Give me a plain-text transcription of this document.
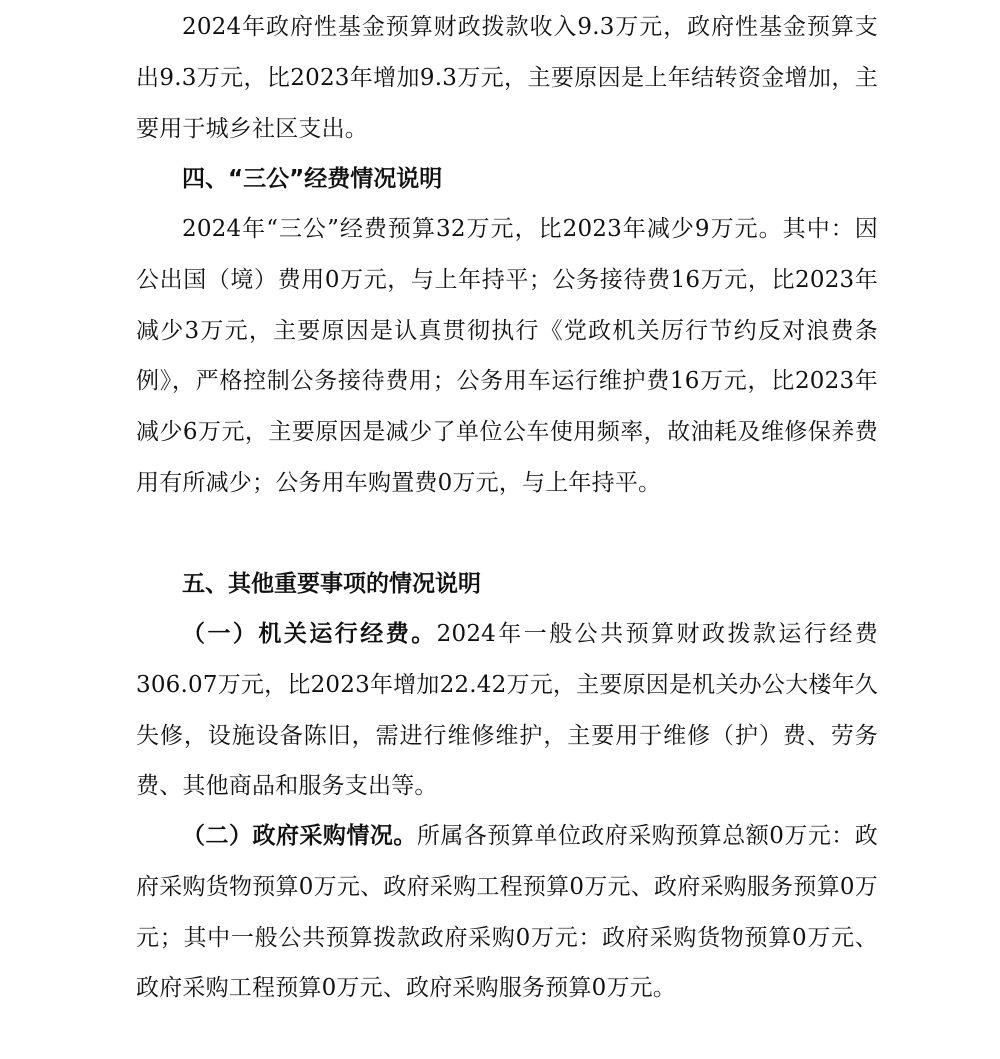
2024年政府性基金预算财政拨款收入9.3万元，政府性基金预算支出9.3万元，比2023年增加9.3万元，主要原因是上年结转资金增加，主要用于城乡社区支出。

四、“三公”经费情况说明

2024年“三公”经费预算32万元，比2023年减少9万元。其中：因公出国（境）费用0万元，与上年持平；公务接待费16万元，比2023年减少3万元，主要原因是认真贯彻执行《党政机关厉行节约反对浪费条例》，严格控制公务接待费用；公务用车运行维护费16万元，比2023年减少6万元，主要原因是减少了单位公车使用频率，故油耗及维修保养费用有所减少；公务用车购置费0万元，与上年持平。

五、其他重要事项的情况说明

（一）机关运行经费。2024年一般公共预算财政拨款运行经费306.07万元，比2023年增加22.42万元，主要原因是机关办公大楼年久失修，设施设备陈旧，需进行维修维护，主要用于维修（护）费、劳务费、其他商品和服务支出等。

（二）政府采购情况。所属各预算单位政府采购预算总额0万元：政府采购货物预算0万元、政府采购工程预算0万元、政府采购服务预算0万元；其中一般公共预算拨款政府采购0万元：政府采购货物预算0万元、政府采购工程预算0万元、政府采购服务预算0万元。
